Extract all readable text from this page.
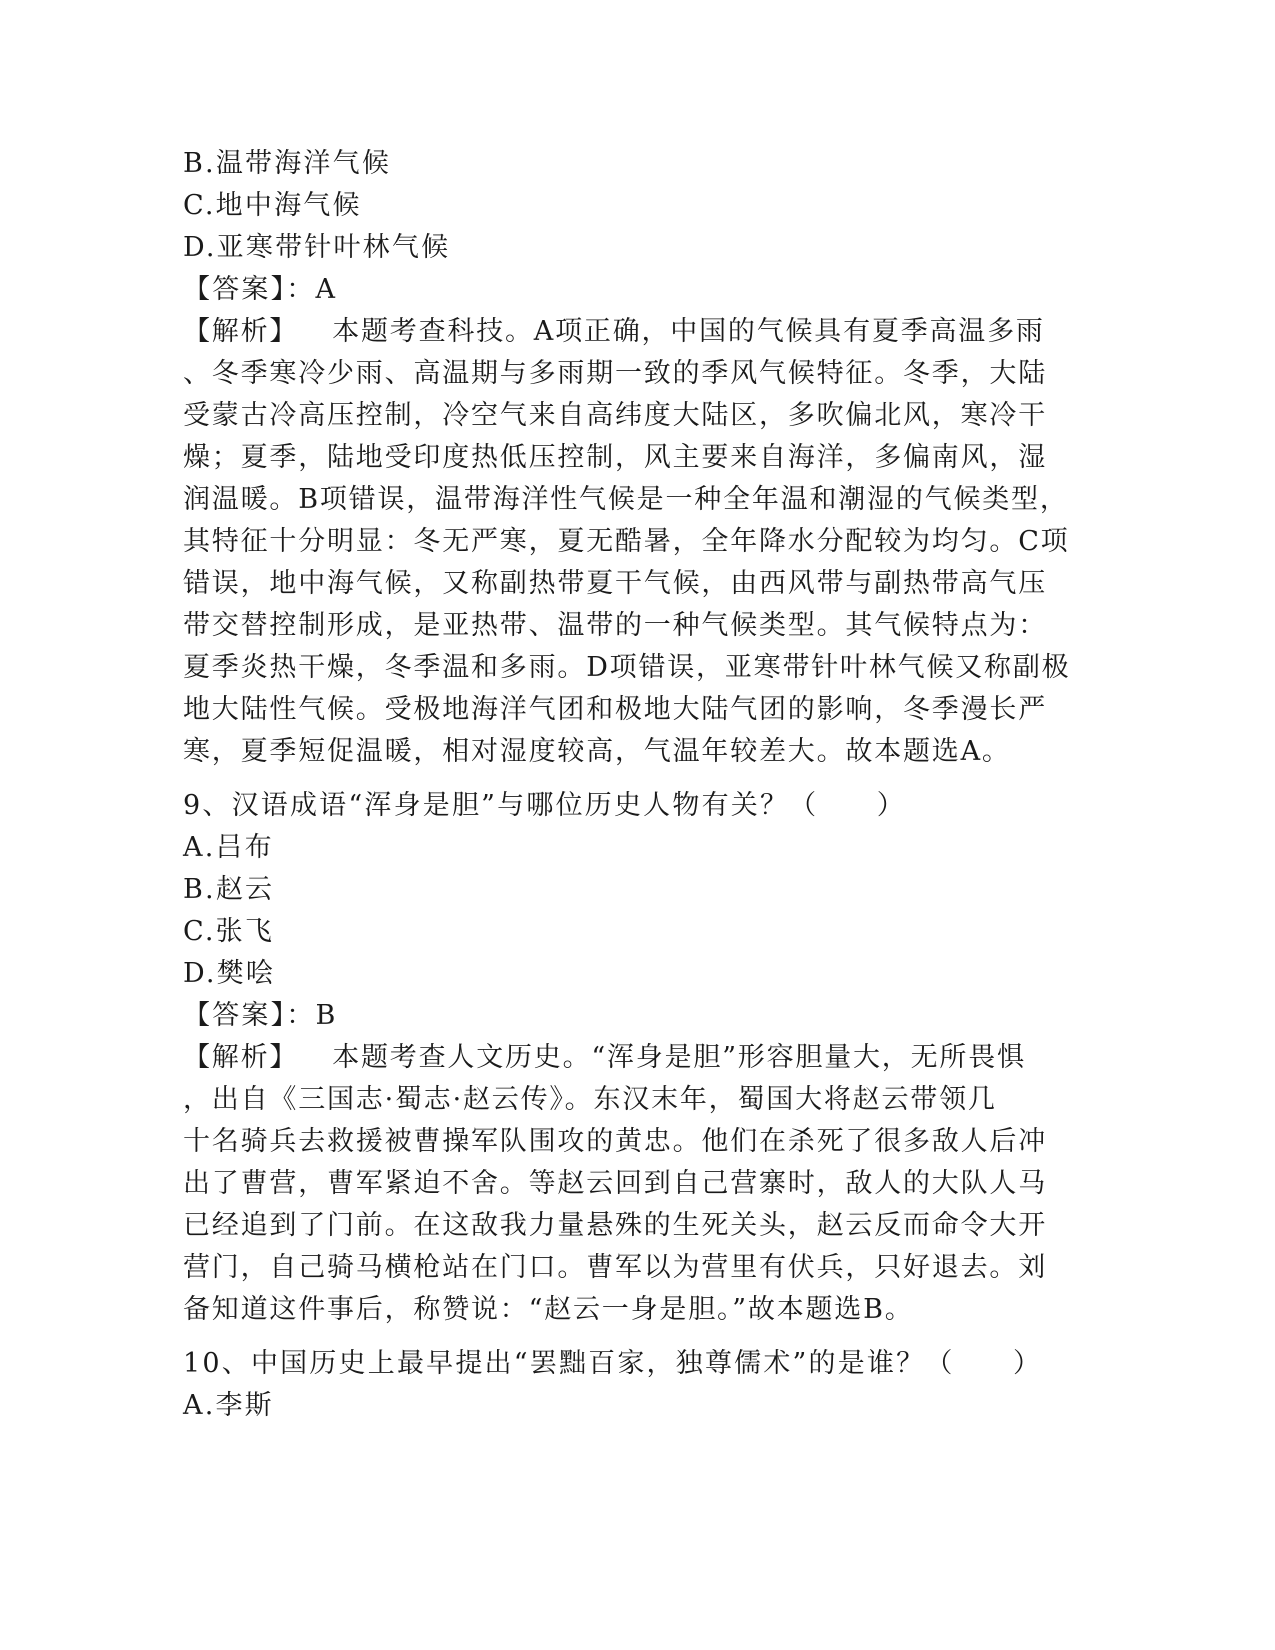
B.温带海洋气候
C.地中海气候
D.亚寒带针叶林气候
【答案】：A
【解析】 本题考查科技。A项正确，中国的气候具有夏季高温多雨
、冬季寒冷少雨、高温期与多雨期一致的季风气候特征。冬季，大陆
受蒙古冷高压控制，冷空气来自高纬度大陆区，多吹偏北风，寒冷干
燥；夏季，陆地受印度热低压控制，风主要来自海洋，多偏南风，湿
润温暖。B项错误，温带海洋性气候是一种全年温和潮湿的气候类型，
其特征十分明显：冬无严寒，夏无酷暑，全年降水分配较为均匀。C项
错误，地中海气候，又称副热带夏干气候，由西风带与副热带高气压
带交替控制形成，是亚热带、温带的一种气候类型。其气候特点为：
夏季炎热干燥，冬季温和多雨。D项错误，亚寒带针叶林气候又称副极
地大陆性气候。受极地海洋气团和极地大陆气团的影响，冬季漫长严
寒，夏季短促温暖，相对湿度较高，气温年较差大。故本题选A。
9、汉语成语“浑身是胆”与哪位历史人物有关？（　　）
A.吕布
B.赵云
C.张飞
D.樊哙
【答案】：B
【解析】 本题考查人文历史。“浑身是胆”形容胆量大，无所畏惧
，出自《三国志·蜀志·赵云传》。东汉末年，蜀国大将赵云带领几
十名骑兵去救援被曹操军队围攻的黄忠。他们在杀死了很多敌人后冲
出了曹营，曹军紧迫不舍。等赵云回到自己营寨时，敌人的大队人马
已经追到了门前。在这敌我力量悬殊的生死关头，赵云反而命令大开
营门，自己骑马横枪站在门口。曹军以为营里有伏兵，只好退去。刘
备知道这件事后，称赞说：“赵云一身是胆。”故本题选B。
10、中国历史上最早提出“罢黜百家，独尊儒术”的是谁？（　　）
A.李斯
